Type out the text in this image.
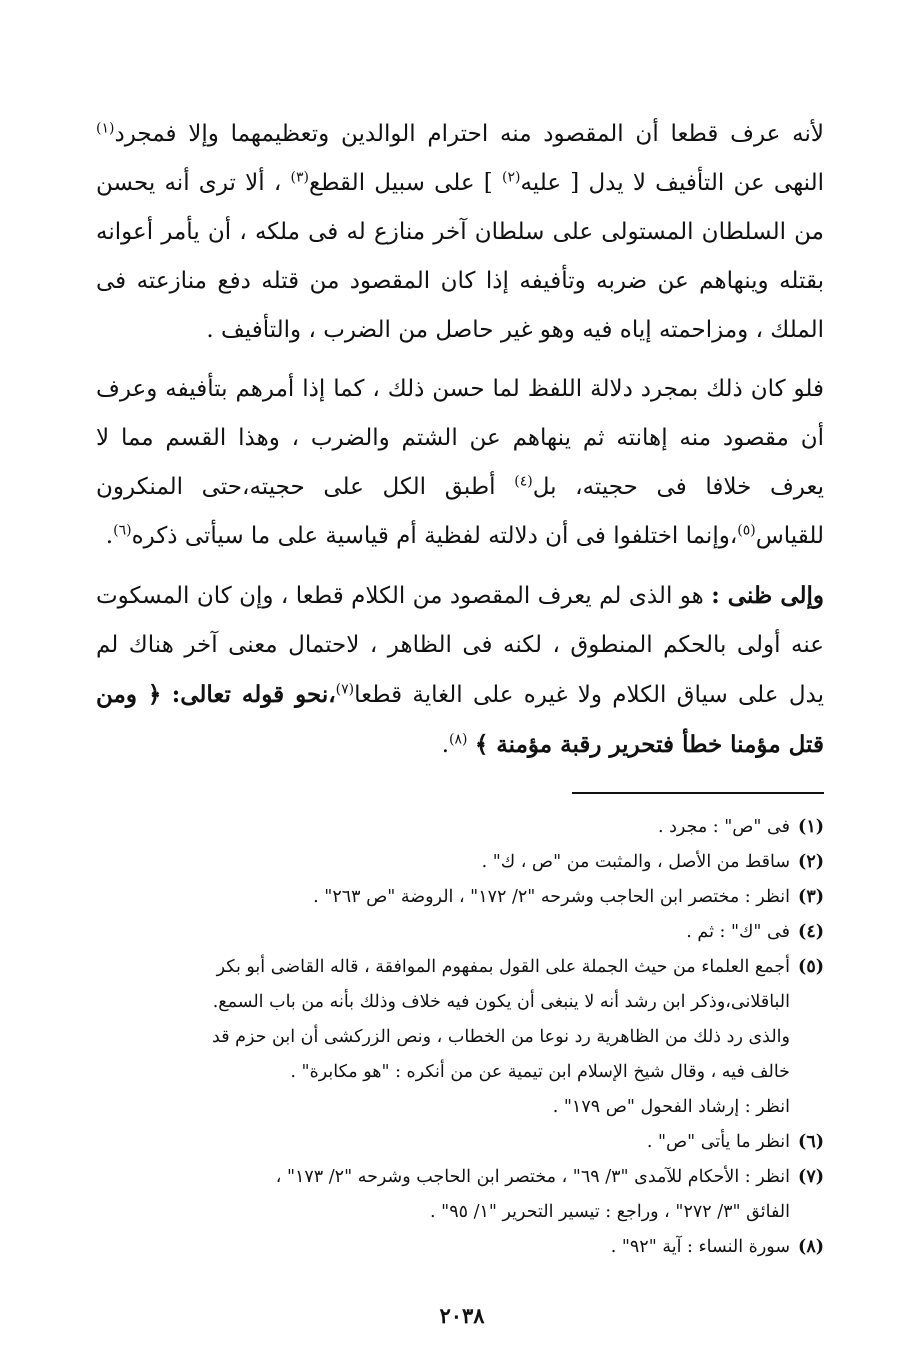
لأنه عرف قطعا أن المقصود منه احترام الوالدين وتعظيمهما وإلا فمجرد$^{(١)}$ النهى عن التأفيف لا يدل [ عليه$^{(٢)}$ ] على سبيل القطع$^{(٣)}$ ، ألا ترى أنه يحسن من السلطان المستولى على سلطان آخر منازع له فى ملكه ، أن يأمر أعوانه بقتله وينهاهم عن ضربه وتأفيفه إذا كان المقصود من قتله دفع منازعته فى الملك ، ومزاحمته إياه فيه وهو غير حاصل من الضرب ، والتأفيف .

فلو كان ذلك بمجرد دلالة اللفظ لما حسن ذلك ، كما إذا أمرهم بتأفيفه وعرف أن مقصود منه إهانته ثم ينهاهم عن الشتم والضرب ، وهذا القسم مما لا يعرف خلافا فى حجيته، بل$^{(٤)}$ أطبق الكل على حجيته،حتى المنكرون للقياس$^{(٥)}$،وإنما اختلفوا فى أن دلالته لفظية أم قياسية على ما سيأتى ذكره$^{(٦)}$.

وإلى ظنى : هو الذى لم يعرف المقصود من الكلام قطعا ، وإن كان المسكوت عنه أولى بالحكم المنطوق ، لكنه فى الظاهر ، لاحتمال معنى آخر هناك لم يدل على سياق الكلام ولا غيره على الغاية قطعا$^{(٧)}$،نحو قوله تعالى: ﴿ ومن قتل مؤمنا خطأ فتحرير رقبة مؤمنة ﴾ $^{(٨)}$.

(١)
فى "ص" : مجرد .
(٢)
ساقط من الأصل ، والمثبت من "ص ، ك" .
(٣)
انظر : مختصر ابن الحاجب وشرحه "٢/ ١٧٢" ، الروضة "ص ٢٦٣" .
(٤)
فى "ك" : ثم .
(٥)
أجمع العلماء من حيث الجملة على القول بمفهوم الموافقة ، قاله القاضى أبو بكر
الباقلانى،وذكر ابن رشد أنه لا ينبغى أن يكون فيه خلاف وذلك بأنه من باب السمع.
والذى رد ذلك من الظاهرية رد نوعا من الخطاب ، ونص الزركشى أن ابن حزم قد
خالف فيه ، وقال شيخ الإسلام ابن تيمية عن من أنكره : "هو مكابرة" .
انظر : إرشاد الفحول "ص ١٧٩" .
(٦)
انظر ما يأتى "ص" .
(٧)
انظر : الأحكام للآمدى "٣/ ٦٩" ، مختصر ابن الحاجب وشرحه "٢/ ١٧٣" ،
الفائق "٣/ ٢٧٢" ، وراجع : تيسير التحرير "١/ ٩٥" .
(٨)
سورة النساء : آية "٩٢" .
٢٠٣٨
